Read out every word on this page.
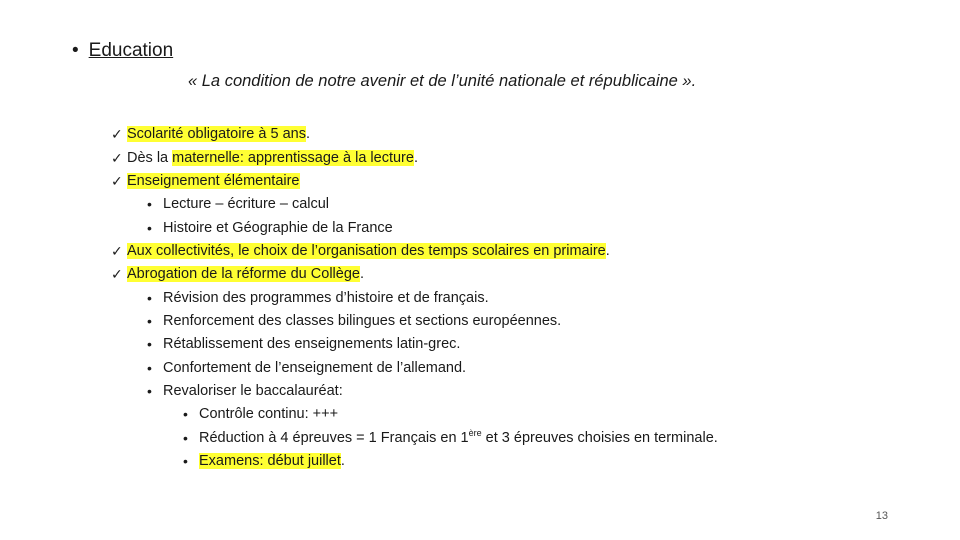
• Education
« La condition de notre avenir et de l’unité nationale et républicaine ».
✓ Scolarité obligatoire à 5 ans.
✓ Dès la maternelle: apprentissage à la lecture.
✓ Enseignement élémentaire
• Lecture – écriture – calcul
• Histoire et Géographie de la France
✓ Aux collectivités, le choix de l’organisation des temps scolaires en primaire.
✓ Abrogation de la réforme du Collège.
• Révision des programmes d’histoire et de français.
• Renforcement des classes bilingues et sections européennes.
• Rétablissement des enseignements latin-grec.
• Confortement de l’enseignement de l’allemand.
• Revaloriser le baccalauréat:
• Contrôle continu: +++
• Réduction à 4 épreuves = 1 Français en 1ère et 3 épreuves choisies en terminale.
• Examens: début juillet.
13
